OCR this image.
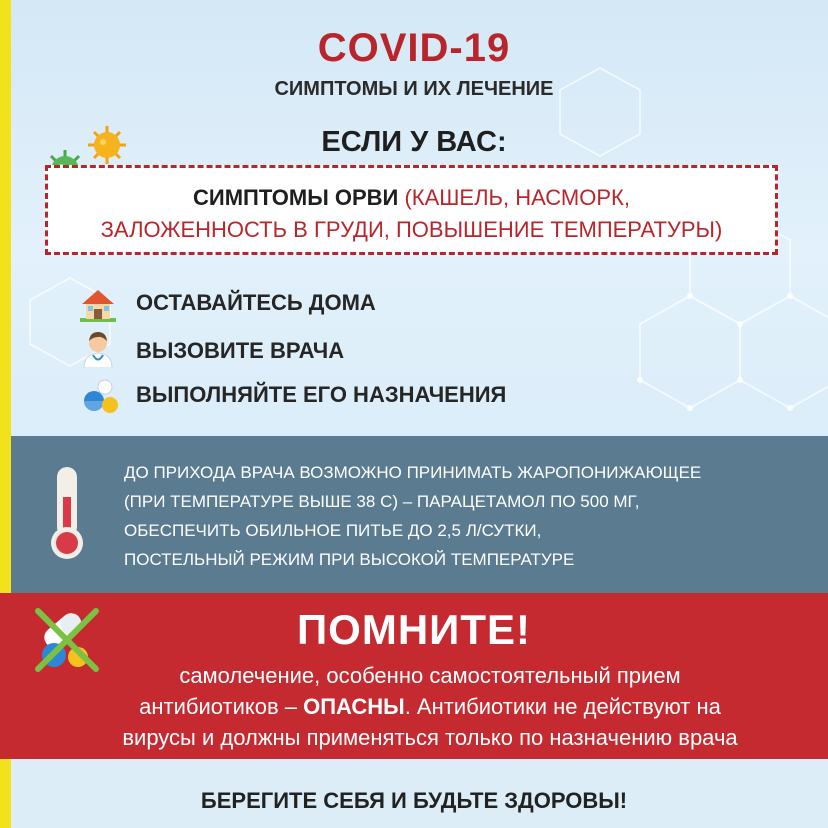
COVID-19
СИМПТОМЫ И ИХ ЛЕЧЕНИЕ
ЕСЛИ У ВАС:
СИМПТОМЫ ОРВИ (КАШЕЛЬ, НАСМОРК,
ЗАЛОЖЕННОСТЬ В ГРУДИ, ПОВЫШЕНИЕ ТЕМПЕРАТУРЫ)
ОСТАВАЙТЕСЬ ДОМА
ВЫЗОВИТЕ ВРАЧА
ВЫПОЛНЯЙТЕ ЕГО НАЗНАЧЕНИЯ
ДО ПРИХОДА ВРАЧА ВОЗМОЖНО ПРИНИМАТЬ ЖАРОПОНИЖАЮЩЕЕ
(ПРИ ТЕМПЕРАТУРЕ ВЫШЕ 38 С) – ПАРАЦЕТАМОЛ ПО 500 МГ,
ОБЕСПЕЧИТЬ ОБИЛЬНОЕ ПИТЬЕ ДО 2,5 Л/СУТКИ,
ПОСТЕЛЬНЫЙ РЕЖИМ ПРИ ВЫСОКОЙ ТЕМПЕРАТУРЕ
ПОМНИТЕ!
самолечение, особенно самостоятельный прием
антибиотиков – ОПАСНЫ. Антибиотики не действуют на
вирусы и должны применяться только по назначению врача
БЕРЕГИТЕ СЕБЯ И БУДЬТЕ ЗДОРОВЫ!
